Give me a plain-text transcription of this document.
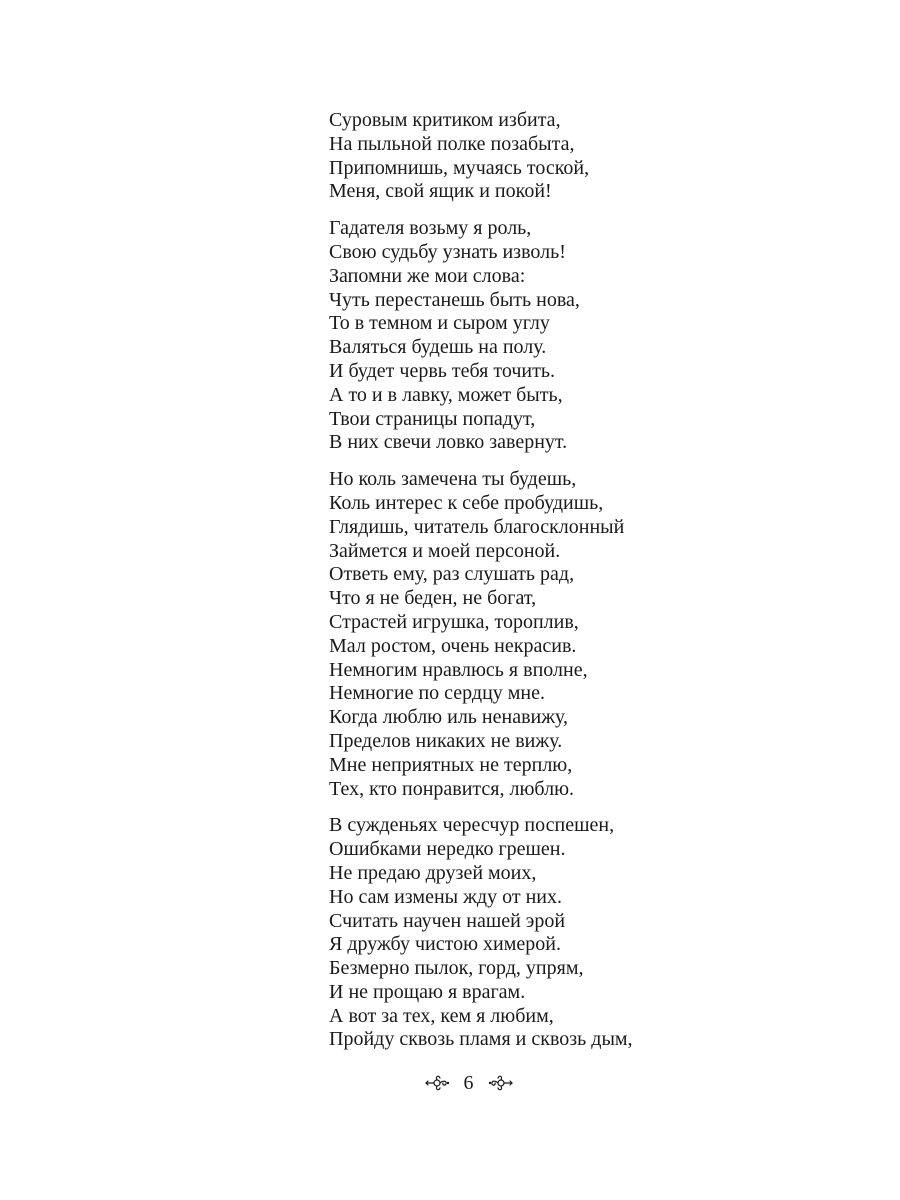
Суровым критиком избита,
На пыльной полке позабыта,
Припомнишь, мучаясь тоской,
Меня, свой ящик и покой!
Гадателя возьму я роль,
Свою судьбу узнать изволь!
Запомни же мои слова:
Чуть перестанешь быть нова,
То в темном и сыром углу
Валяться будешь на полу.
И будет червь тебя точить.
А то и в лавку, может быть,
Твои страницы попадут,
В них свечи ловко завернут.
Но коль замечена ты будешь,
Коль интерес к себе пробудишь,
Глядишь, читатель благосклонный
Займется и моей персоной.
Ответь ему, раз слушать рад,
Что я не беден, не богат,
Страстей игрушка, тороплив,
Мал ростом, очень некрасив.
Немногим нравлюсь я вполне,
Немногие по сердцу мне.
Когда люблю иль ненавижу,
Пределов никаких не вижу.
Мне неприятных не терплю,
Тех, кто понравится, люблю.
В сужденьях чересчур поспешен,
Ошибками нередко грешен.
Не предаю друзей моих,
Но сам измены жду от них.
Считать научен нашей эрой
Я дружбу чистою химерой.
Безмерно пылок, горд, упрям,
И не прощаю я врагам.
А вот за тех, кем я любим,
Пройду сквозь пламя и сквозь дым,
6
